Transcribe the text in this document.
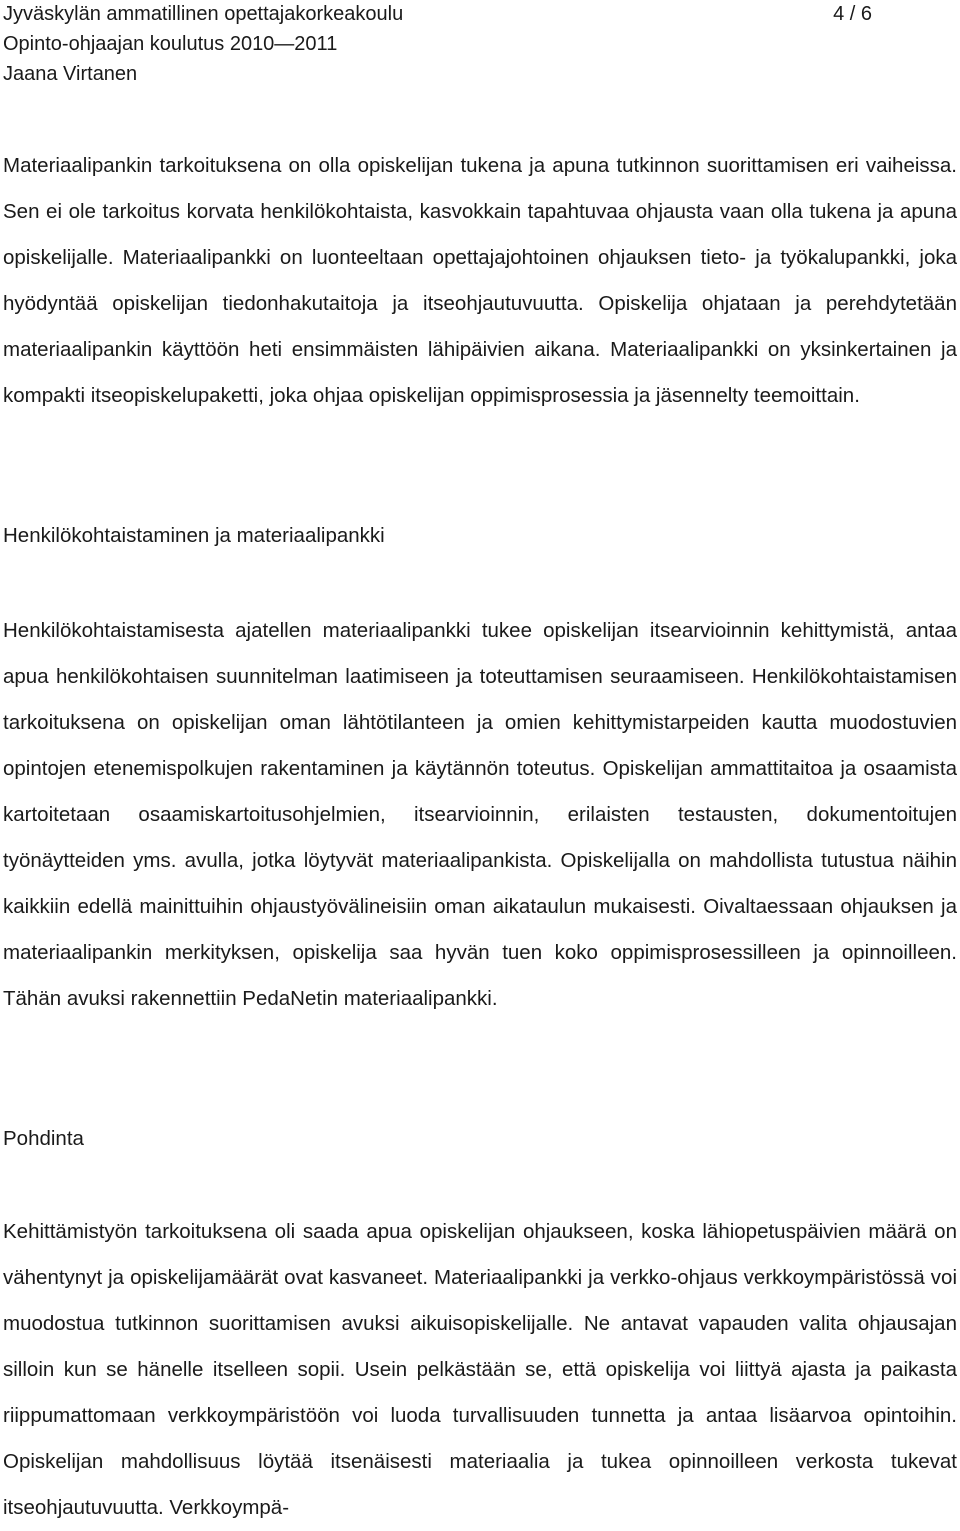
Jyväskylän ammatillinen opettajakorkeakoulu	4 / 6
Opinto-ohjaajan koulutus 2010—2011
Jaana Virtanen

Materiaalipankin tarkoituksena on olla opiskelijan tukena ja apuna tutkinnon suorittamisen eri vaiheissa. Sen ei ole tarkoitus korvata henkilökohtaista, kasvokkain tapahtuvaa ohjausta vaan olla tukena ja apuna opiskelijalle. Materiaalipankki on luonteeltaan opettajajohtoinen ohjauksen tieto- ja työkalupankki, joka hyödyntää opiskelijan tiedonhakutaitoja ja itseohjautuvuutta. Opiskelija ohjataan ja perehdytetään materiaalipankin käyttöön heti ensimmäisten lähipäivien aikana. Materiaalipankki on yksinkertainen ja kompakti itseopiskelupaketti, joka ohjaa opiskelijan oppimisprosessia ja jäsennelty teemoittain.

Henkilökohtaistaminen ja materiaalipankki

Henkilökohtaistamisesta ajatellen materiaalipankki tukee opiskelijan itsearvioinnin kehittymistä, antaa apua henkilökohtaisen suunnitelman laatimiseen ja toteuttamisen seuraamiseen. Henkilökohtaistamisen tarkoituksena on opiskelijan oman lähtötilanteen ja omien kehittymistarpeiden kautta muodostuvien opintojen etenemispolkujen rakentaminen ja käytännön toteutus. Opiskelijan ammattitaitoa ja osaamista kartoitetaan osaamiskartoitusohjelmien, itsearvioinnin, erilaisten testausten, dokumentoitujen työnäytteiden yms. avulla, jotka löytyvät materiaalipankista. Opiskelijalla on mahdollista tutustua näihin kaikkiin edellä mainittuihin ohjaustyövälineisiin oman aikataulun mukaisesti. Oivaltaessaan ohjauksen ja materiaalipankin merkityksen, opiskelija saa hyvän tuen koko oppimisprosessilleen ja opinnoilleen. Tähän avuksi rakennettiin PedaNetin materiaalipankki.

Pohdinta

Kehittämistyön tarkoituksena oli saada apua opiskelijan ohjaukseen, koska lähiopetuspäivien määrä on vähentynyt ja opiskelijamäärät ovat kasvaneet. Materiaalipankki ja verkko-ohjaus verkkoympäristössä voi muodostua tutkinnon suorittamisen avuksi aikuisopiskelijalle. Ne antavat vapauden valita ohjausajan silloin kun se hänelle itselleen sopii. Usein pelkästään se, että opiskelija voi liittyä ajasta ja paikasta riippumattomaan verkkoympäristöön voi luoda turvallisuuden tunnetta ja antaa lisäarvoa opintoihin. Opiskelijan mahdollisuus löytää itsenäisesti materiaalia ja tukea opinnoilleen verkosta tukevat itseohjautuvuutta. Verkkoympä-
